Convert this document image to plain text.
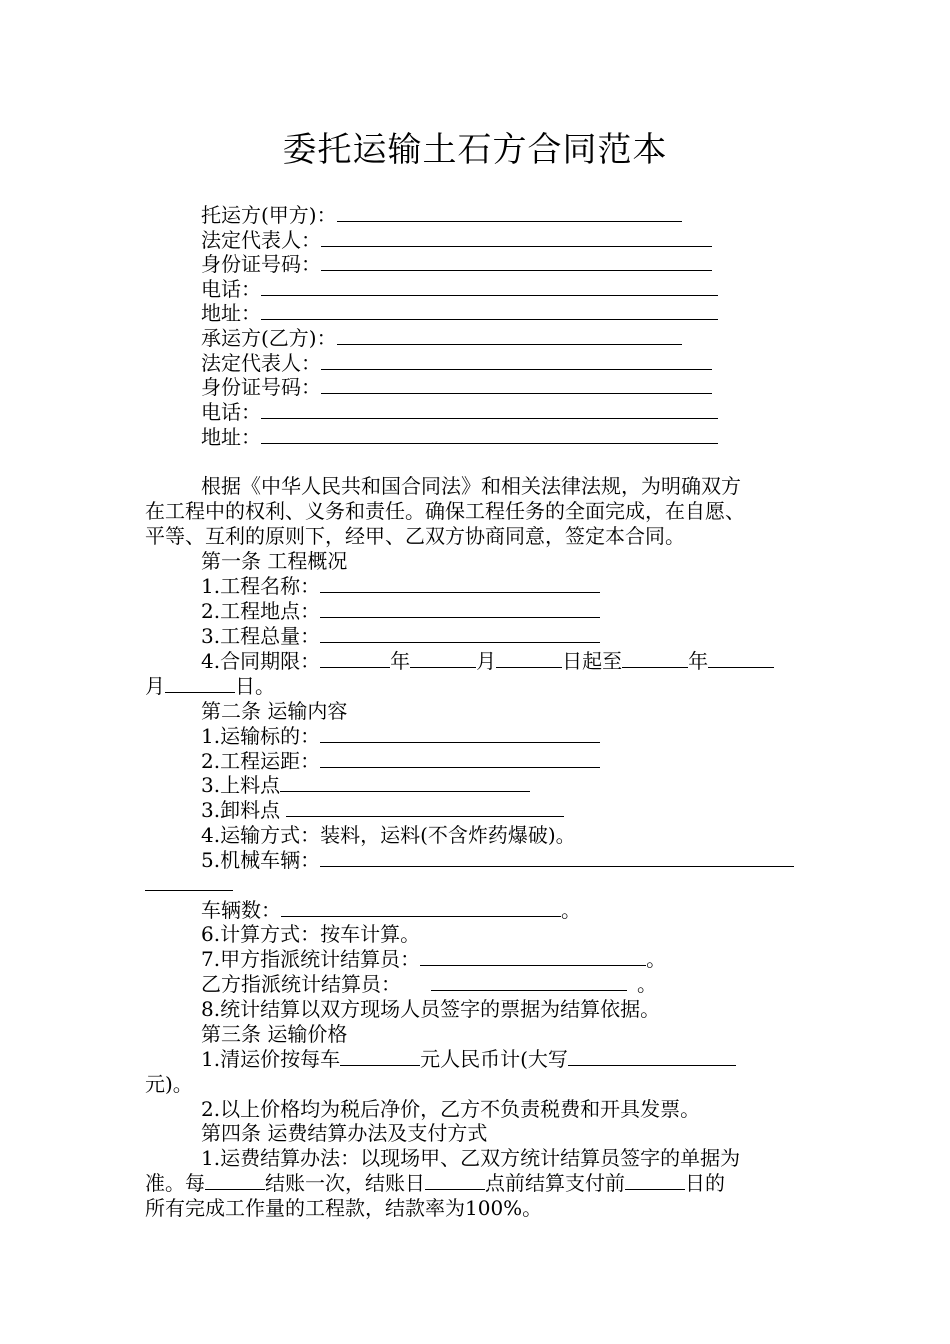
委托运输土石方合同范本
托运方(甲方)：
法定代表人：
身份证号码：
电话：
地址：
承运方(乙方)：
法定代表人：
身份证号码：
电话：
地址：
根据《中华人民共和国合同法》和相关法律法规，为明确双方
在工程中的权利、义务和责任。确保工程任务的全面完成，在自愿、
平等、互利的原则下，经甲、乙双方协商同意，签定本合同。
第一条 工程概况
1.工程名称：
2.工程地点：
3.工程总量：
4.合同期限：	年	月	日起至	年
月	日。
第二条 运输内容
1.运输标的：
2.工程运距：
3.上料点
3.卸料点
4.运输方式：装料，运料(不含炸药爆破)。
5.机械车辆：
车辆数：	。
6.计算方式：按车计算。
7.甲方指派统计结算员：	。
乙方指派统计结算员：	。
8.统计结算以双方现场人员签字的票据为结算依据。
第三条 运输价格
1.清运价按每车	元人民币计(大写
元)。
2.以上价格均为税后净价，乙方不负责税费和开具发票。
第四条 运费结算办法及支付方式
1.运费结算办法：以现场甲、乙双方统计结算员签字的单据为
准。每	结账一次，结账日	点前结算支付前	日的
所有完成工作量的工程款，结款率为100%。
